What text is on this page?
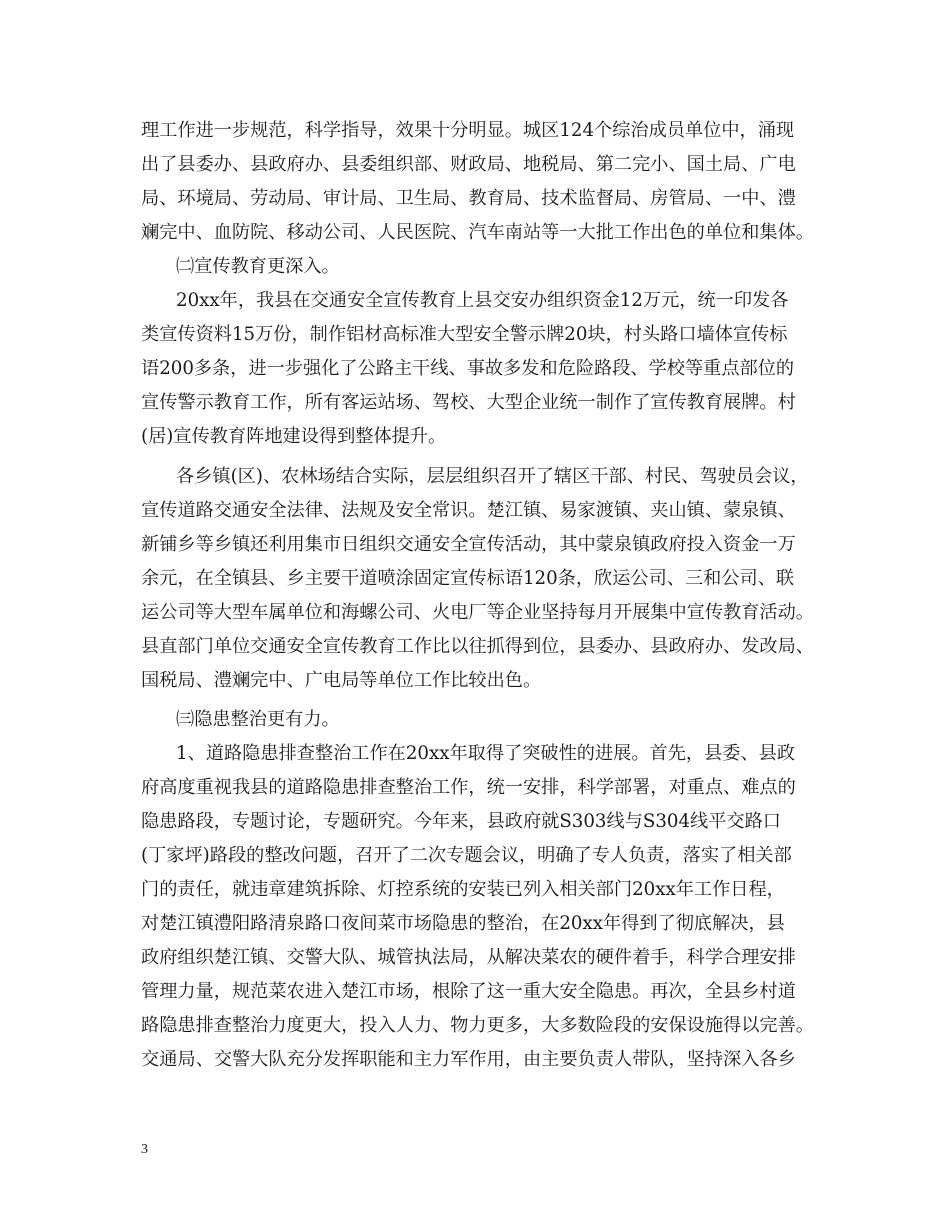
理工作进一步规范，科学指导，效果十分明显。城区124个综治成员单位中，涌现
出了县委办、县政府办、县委组织部、财政局、地税局、第二完小、国土局、广电
局、环境局、劳动局、审计局、卫生局、教育局、技术监督局、房管局、一中、澧
斓完中、血防院、移动公司、人民医院、汽车南站等一大批工作出色的单位和集体。
㈡宣传教育更深入。
20xx年，我县在交通安全宣传教育上县交安办组织资金12万元，统一印发各
类宣传资料15万份，制作铝材高标准大型安全警示牌20块，村头路口墙体宣传标
语200多条，进一步强化了公路主干线、事故多发和危险路段、学校等重点部位的
宣传警示教育工作，所有客运站场、驾校、大型企业统一制作了宣传教育展牌。村
(居)宣传教育阵地建设得到整体提升。
各乡镇(区)、农林场结合实际，层层组织召开了辖区干部、村民、驾驶员会议，
宣传道路交通安全法律、法规及安全常识。楚江镇、易家渡镇、夹山镇、蒙泉镇、
新铺乡等乡镇还利用集市日组织交通安全宣传活动，其中蒙泉镇政府投入资金一万
余元，在全镇县、乡主要干道喷涂固定宣传标语120条，欣运公司、三和公司、联
运公司等大型车属单位和海螺公司、火电厂等企业坚持每月开展集中宣传教育活动。
县直部门单位交通安全宣传教育工作比以往抓得到位，县委办、县政府办、发改局、
国税局、澧斓完中、广电局等单位工作比较出色。
㈢隐患整治更有力。
1、道路隐患排查整治工作在20xx年取得了突破性的进展。首先，县委、县政
府高度重视我县的道路隐患排查整治工作，统一安排，科学部署，对重点、难点的
隐患路段，专题讨论，专题研究。今年来，县政府就S303线与S304线平交路口
(丁家坪)路段的整改问题，召开了二次专题会议，明确了专人负责，落实了相关部
门的责任，就违章建筑拆除、灯控系统的安装已列入相关部门20xx年工作日程，
对楚江镇澧阳路清泉路口夜间菜市场隐患的整治，在20xx年得到了彻底解决，县
政府组织楚江镇、交警大队、城管执法局，从解决菜农的硬件着手，科学合理安排
管理力量，规范菜农进入楚江市场，根除了这一重大安全隐患。再次，全县乡村道
路隐患排查整治力度更大，投入人力、物力更多，大多数险段的安保设施得以完善。
交通局、交警大队充分发挥职能和主力军作用，由主要负责人带队，坚持深入各乡
3
